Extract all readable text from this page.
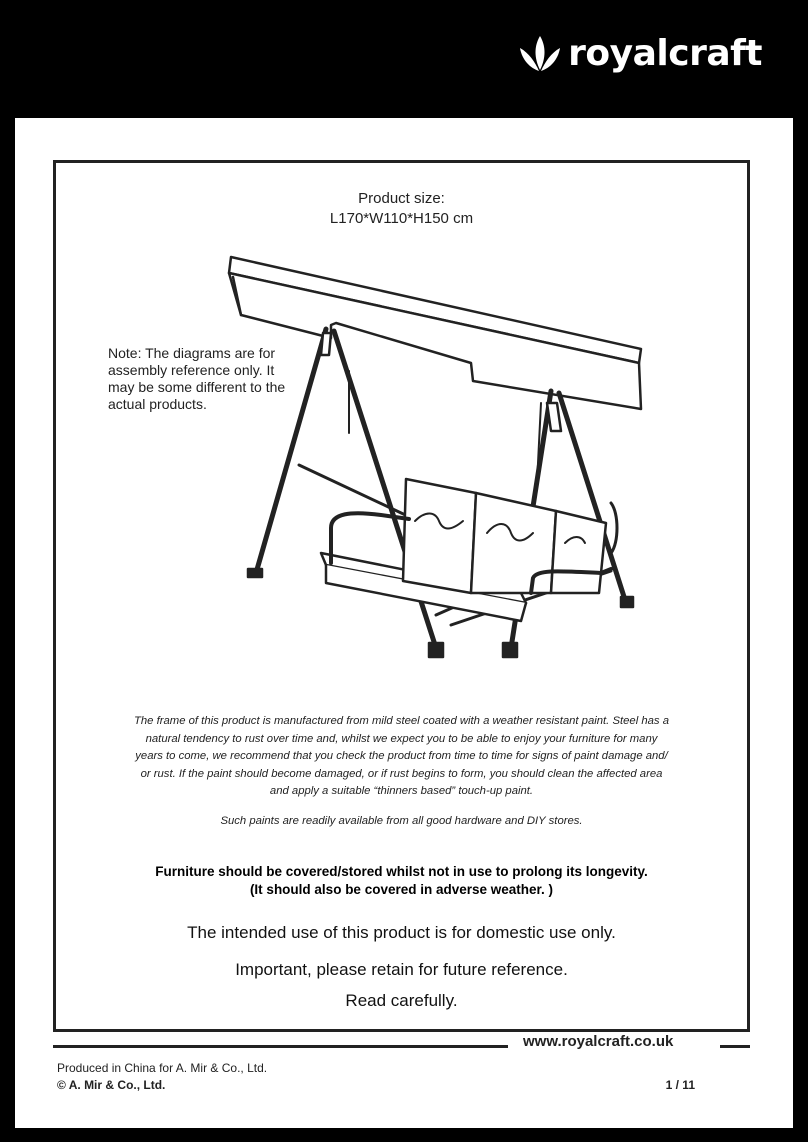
royalcraft
Product size:
L170*W110*H150 cm
Note: The diagrams are for assembly reference only. It may be some different to the actual products.
The frame of this product is manufactured from mild steel coated with a weather resistant paint. Steel has a
natural tendency to rust over time and, whilst we expect you to be able to enjoy your furniture for many
years to come, we recommend that you check the product from time to time for signs of paint damage and/
or rust. If the paint should become damaged, or if rust begins to form, you should clean the affected area
and apply a suitable “thinners based” touch-up paint.
Such paints are readily available from all good hardware and DIY stores.
Furniture should be covered/stored whilst not in use to prolong its longevity.
(It should also be covered in adverse weather. )
The intended use of this product is for domestic use only.
Important, please retain for future reference.
Read carefully.
www.royalcraft.co.uk
Produced in China for A. Mir & Co., Ltd.
© A. Mir & Co., Ltd.	1 / 11
